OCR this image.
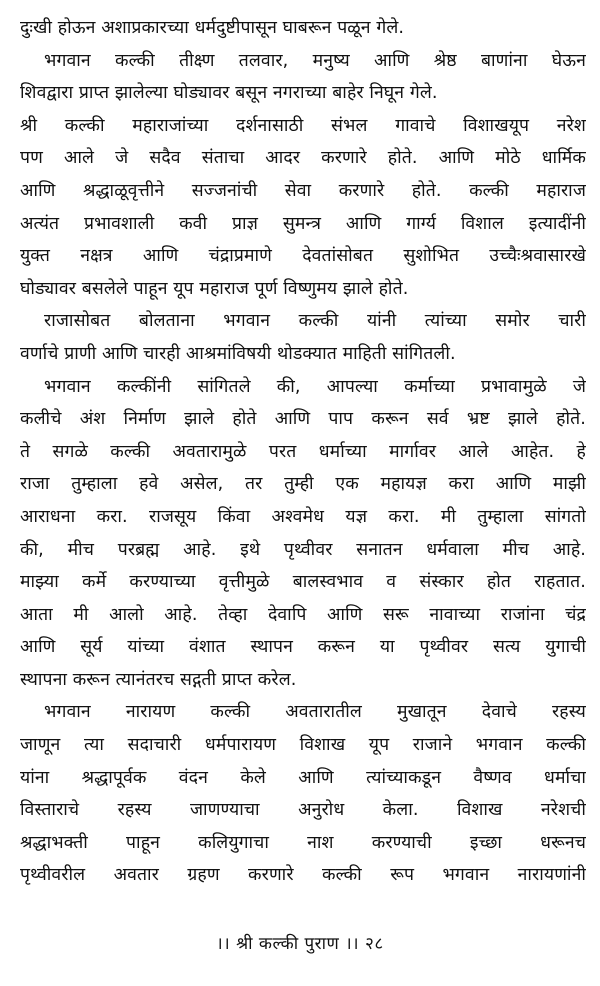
दुःखी होऊन अशाप्रकारच्या धर्मदुष्टीपासून घाबरून पळून गेले.
भगवान कल्की तीक्ष्ण तलवार, मनुष्य आणि श्रेष्ठ बाणांना घेऊन
शिवद्वारा प्राप्त झालेल्या घोड्यावर बसून नगराच्या बाहेर निघून गेले.
श्री कल्की महाराजांच्या दर्शनासाठी संभल गावाचे विशाखयूप नरेश
पण आले जे सदैव संताचा आदर करणारे होते. आणि मोठे धार्मिक
आणि श्रद्धाळूवृत्तीने सज्जनांची सेवा करणारे होते. कल्की महाराज
अत्यंत प्रभावशाली कवी प्राज्ञ सुमन्त्र आणि गार्ग्य विशाल इत्यादींनी
युक्त नक्षत्र आणि चंद्राप्रमाणे देवतांसोबत सुशोभित उच्चैःश्रवासारखे
घोड्यावर बसलेले पाहून यूप महाराज पूर्ण विष्णुमय झाले होते.
राजासोबत बोलताना भगवान कल्की यांनी त्यांच्या समोर चारी
वर्णाचे प्राणी आणि चारही आश्रमांविषयी थोडक्यात माहिती सांगितली.
भगवान कल्कींनी सांगितले की, आपल्या कर्माच्या प्रभावामुळे जे
कलीचे अंश निर्माण झाले होते आणि पाप करून सर्व भ्रष्ट झाले होते.
ते सगळे कल्की अवतारामुळे परत धर्माच्या मार्गावर आले आहेत. हे
राजा तुम्हाला हवे असेल, तर तुम्ही एक महायज्ञ करा आणि माझी
आराधना करा. राजसूय किंवा अश्वमेध यज्ञ करा. मी तुम्हाला सांगतो
की, मीच परब्रह्म आहे. इथे पृथ्वीवर सनातन धर्मवाला मीच आहे.
माझ्या कर्मे करण्याच्या वृत्तीमुळे बालस्वभाव व संस्कार होत राहतात.
आता मी आलो आहे. तेव्हा देवापि आणि सरू नावाच्या राजांना चंद्र
आणि सूर्य यांच्या वंशात स्थापन करून या पृथ्वीवर सत्य युगाची
स्थापना करून त्यानंतरच सद्गती प्राप्त करेल.
भगवान नारायण कल्की अवतारातील मुखातून देवाचे रहस्य
जाणून त्या सदाचारी धर्मपारायण विशाख यूप राजाने भगवान कल्की
यांना श्रद्धापूर्वक वंदन केले आणि त्यांच्याकडून वैष्णव धर्माचा
विस्ताराचे रहस्य जाणण्याचा अनुरोध केला. विशाख नरेशची
श्रद्धाभक्ती पाहून कलियुगाचा नाश करण्याची इच्छा धरूनच
पृथ्वीवरील अवतार ग्रहण करणारे कल्की रूप भगवान नारायणांनी
।। श्री कल्की पुराण ।। २८
